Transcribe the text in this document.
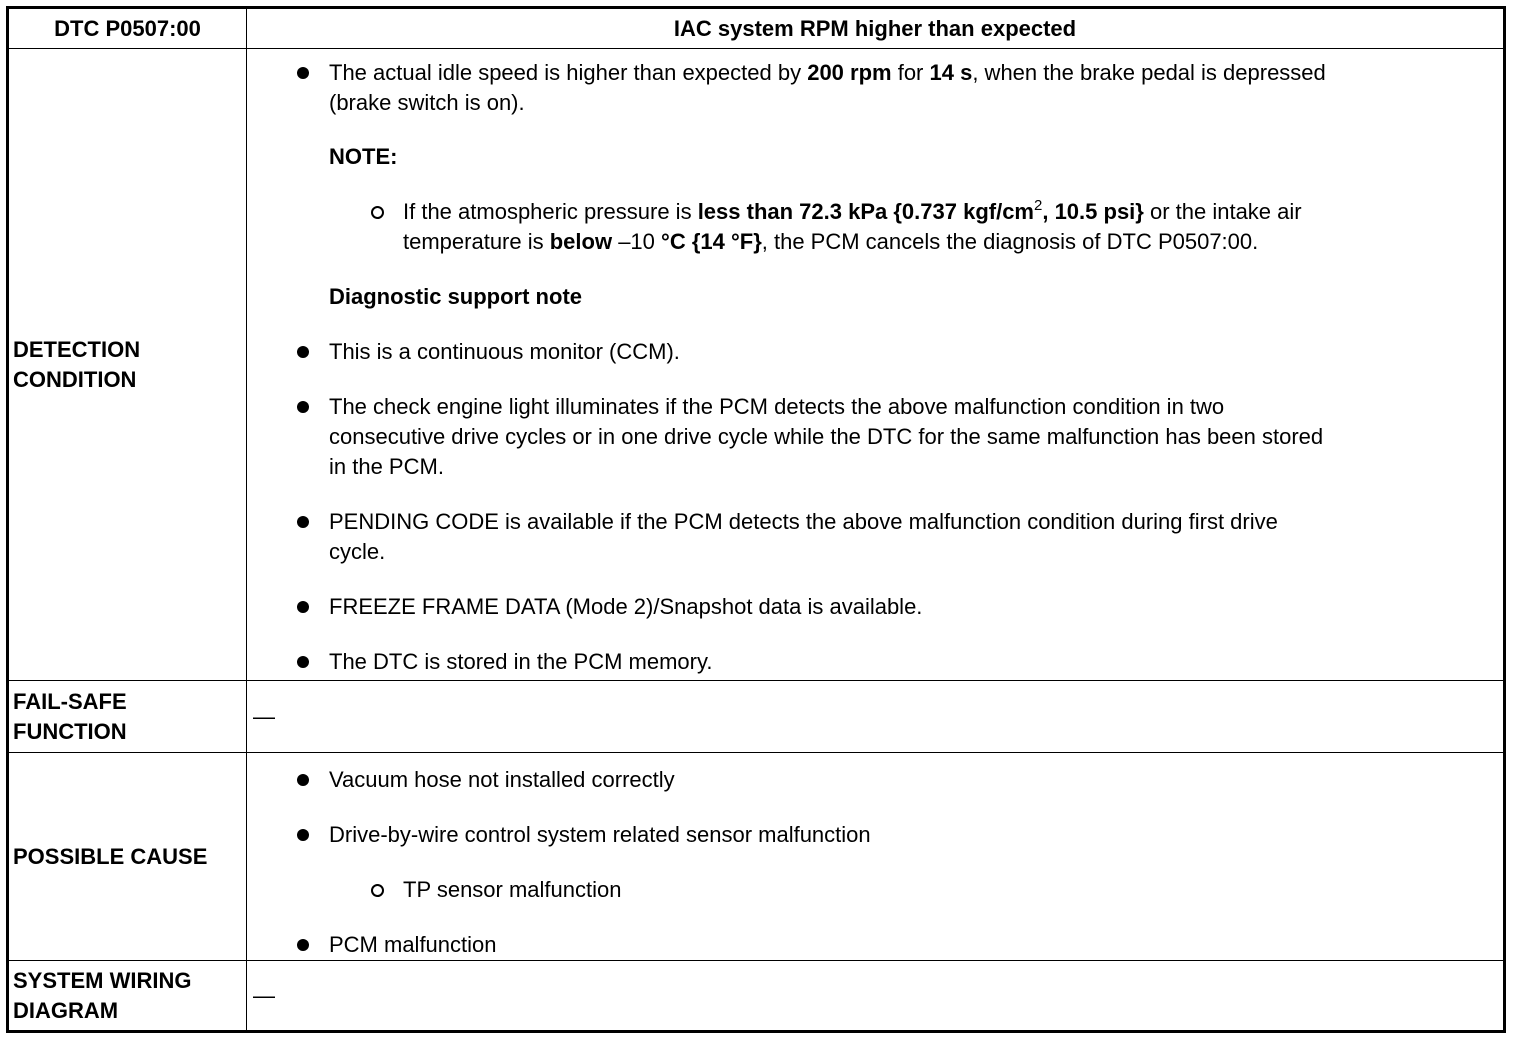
DTC P0507:00	IAC system RPM higher than expected
DETECTION
CONDITION
The actual idle speed is higher than expected by 200 rpm for 14 s, when the brake pedal is depressed
(brake switch is on).
NOTE:
If the atmospheric pressure is less than 72.3 kPa {0.737 kgf/$cm^2$, 10.5 psi} or the intake air
temperature is below –10 °C {14 °F}, the PCM cancels the diagnosis of DTC P0507:00.
Diagnostic support note
This is a continuous monitor (CCM).
The check engine light illuminates if the PCM detects the above malfunction condition in two
consecutive drive cycles or in one drive cycle while the DTC for the same malfunction has been stored
in the PCM.
PENDING CODE is available if the PCM detects the above malfunction condition during first drive
cycle.
FREEZE FRAME DATA (Mode 2)/Snapshot data is available.
The DTC is stored in the PCM memory.
FAIL-SAFE
FUNCTION
—
POSSIBLE CAUSE
Vacuum hose not installed correctly
Drive-by-wire control system related sensor malfunction
TP sensor malfunction
PCM malfunction
SYSTEM WIRING
DIAGRAM
—
